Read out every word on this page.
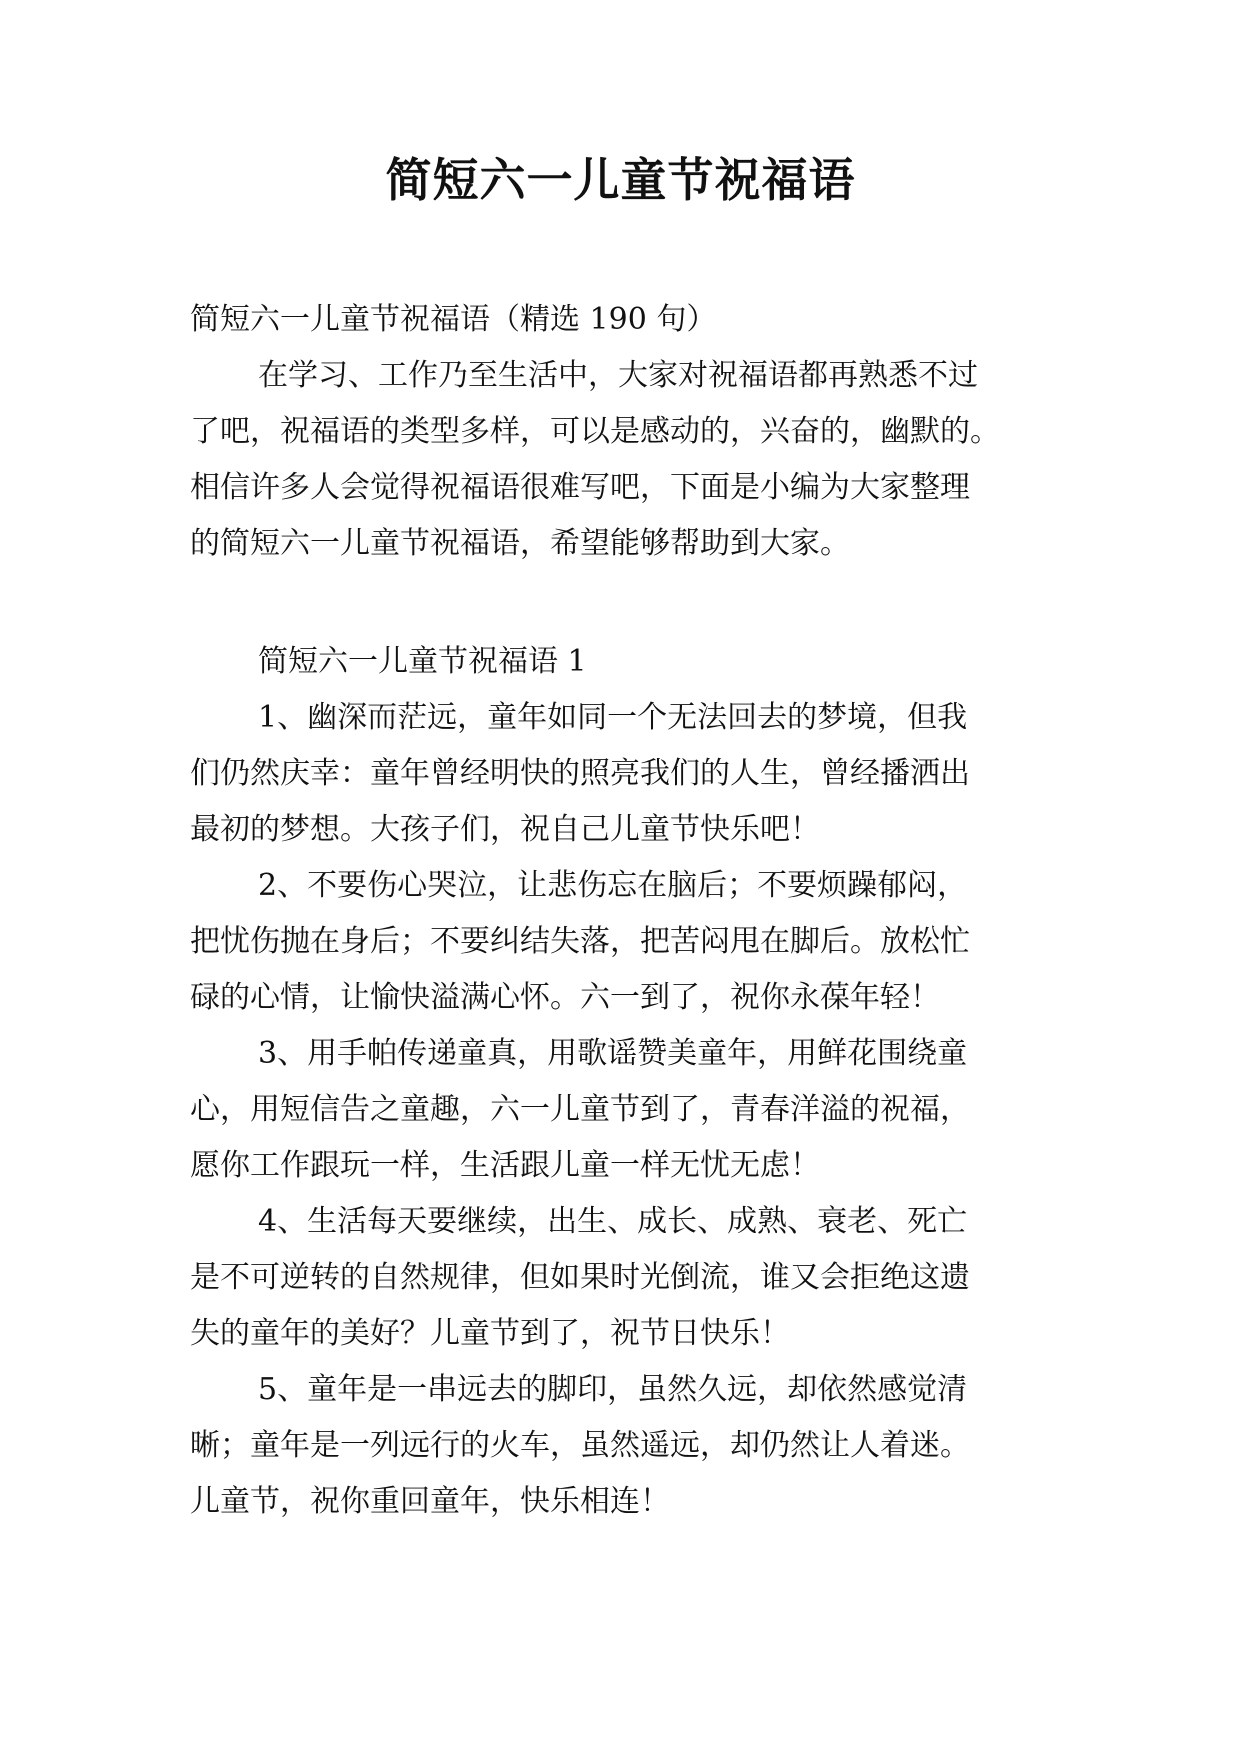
简短六一儿童节祝福语

简短六一儿童节祝福语（精选 190 句）

在学习、工作乃至生活中，大家对祝福语都再熟悉不过

了吧，祝福语的类型多样，可以是感动的，兴奋的，幽默的。

相信许多人会觉得祝福语很难写吧，下面是小编为大家整理

的简短六一儿童节祝福语，希望能够帮助到大家。

简短六一儿童节祝福语 1

1、幽深而茫远，童年如同一个无法回去的梦境，但我

们仍然庆幸：童年曾经明快的照亮我们的人生，曾经播洒出

最初的梦想。大孩子们，祝自己儿童节快乐吧！

2、不要伤心哭泣，让悲伤忘在脑后；不要烦躁郁闷，

把忧伤抛在身后；不要纠结失落，把苦闷甩在脚后。放松忙

碌的心情，让愉快溢满心怀。六一到了，祝你永葆年轻！

3、用手帕传递童真，用歌谣赞美童年，用鲜花围绕童

心，用短信告之童趣，六一儿童节到了，青春洋溢的祝福，

愿你工作跟玩一样，生活跟儿童一样无忧无虑！

4、生活每天要继续，出生、成长、成熟、衰老、死亡

是不可逆转的自然规律，但如果时光倒流，谁又会拒绝这遗

失的童年的美好？儿童节到了，祝节日快乐！

5、童年是一串远去的脚印，虽然久远，却依然感觉清

晰；童年是一列远行的火车，虽然遥远，却仍然让人着迷。

儿童节，祝你重回童年，快乐相连！
